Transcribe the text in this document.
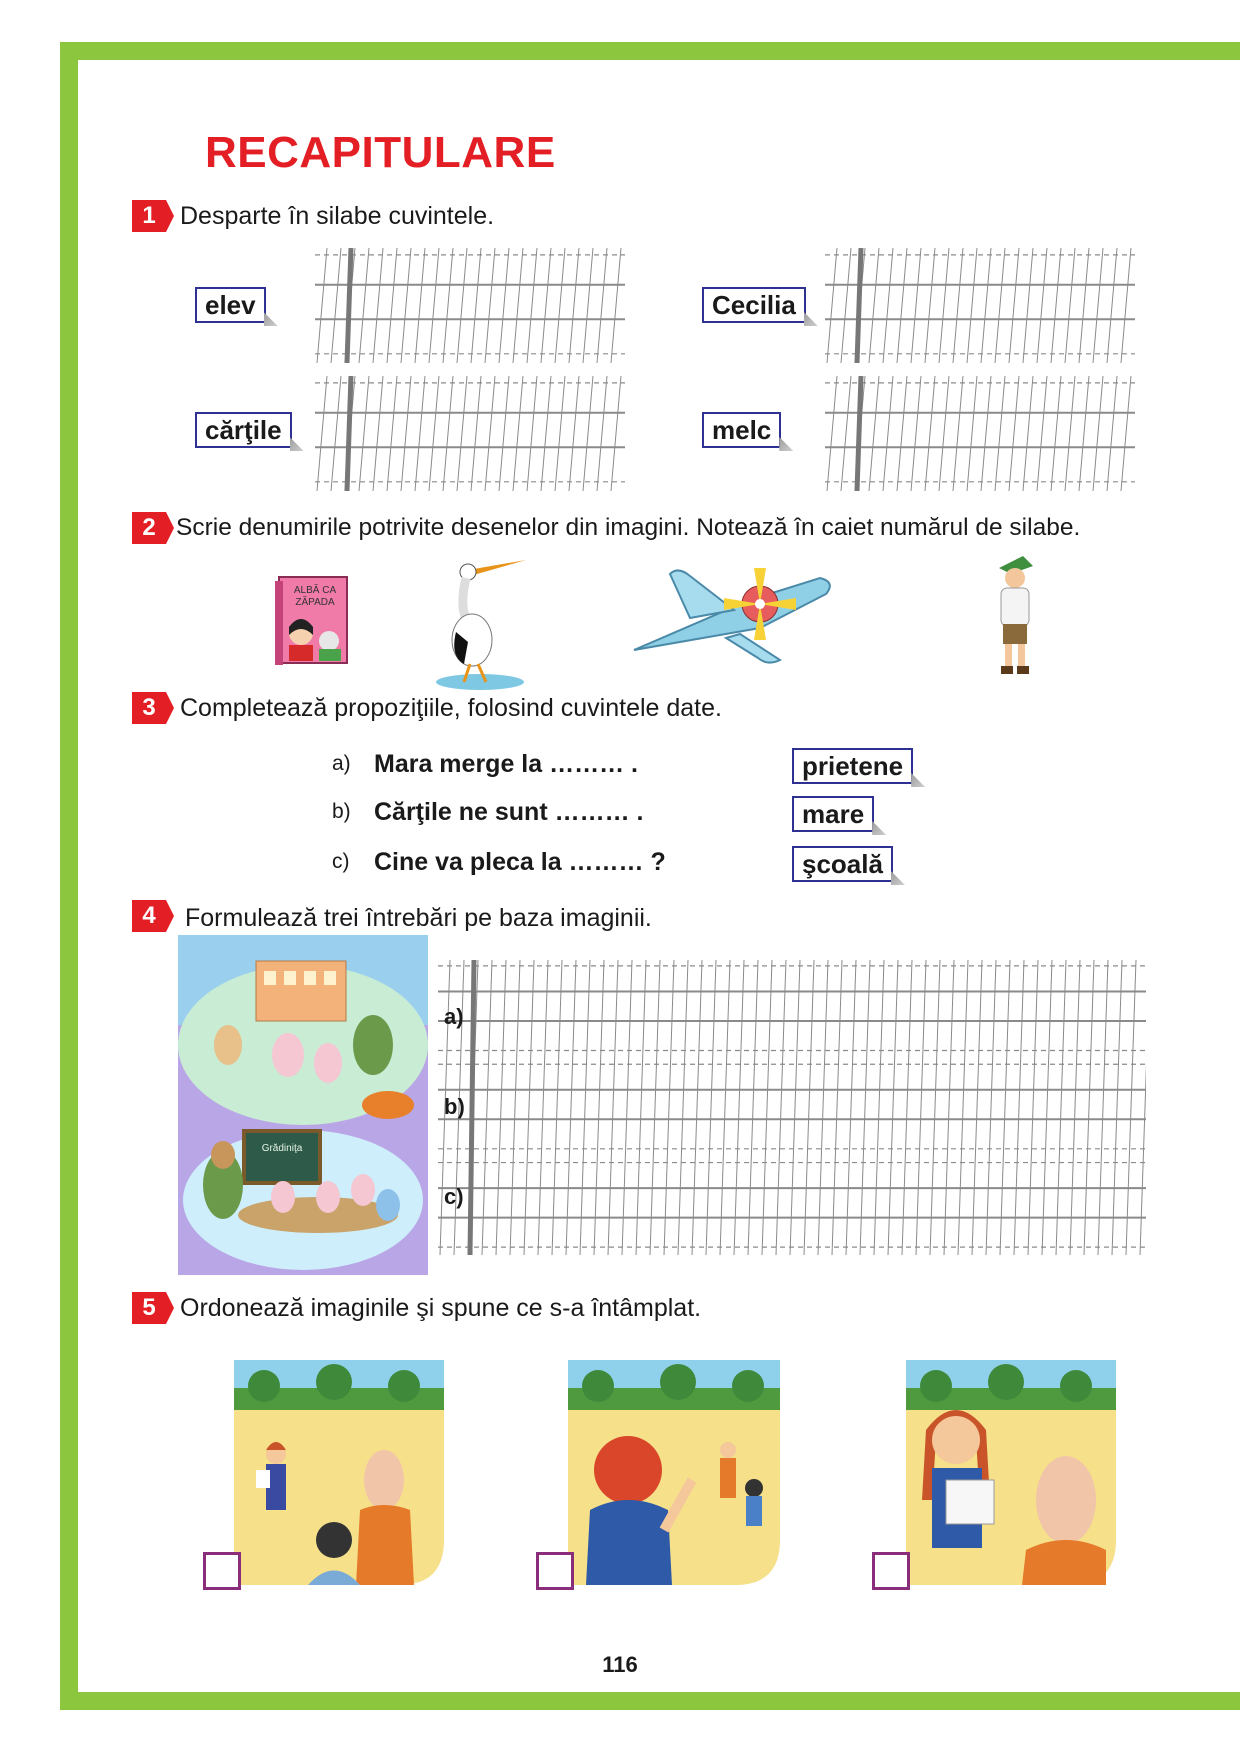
RECAPITULARE
1 Desparte în silabe cuvintele.
elev	Cecilia
cărţile	melc
2 Scrie denumirile potrivite desenelor din imagini. Notează în caiet numărul de silabe.
ALBĂ CA
ZĂPADA
3 Completează propoziţiile, folosind cuvintele date.
a) Mara merge la ……… .
b) Cărţile ne sunt ……… .
c) Cine va pleca la ……… ?
prietene
mare
şcoală
4	Formulează trei întrebări pe baza imaginii.
Grădiniţa
a)
b)
c)
5 Ordonează imaginile şi spune ce s-a întâmplat.
116
